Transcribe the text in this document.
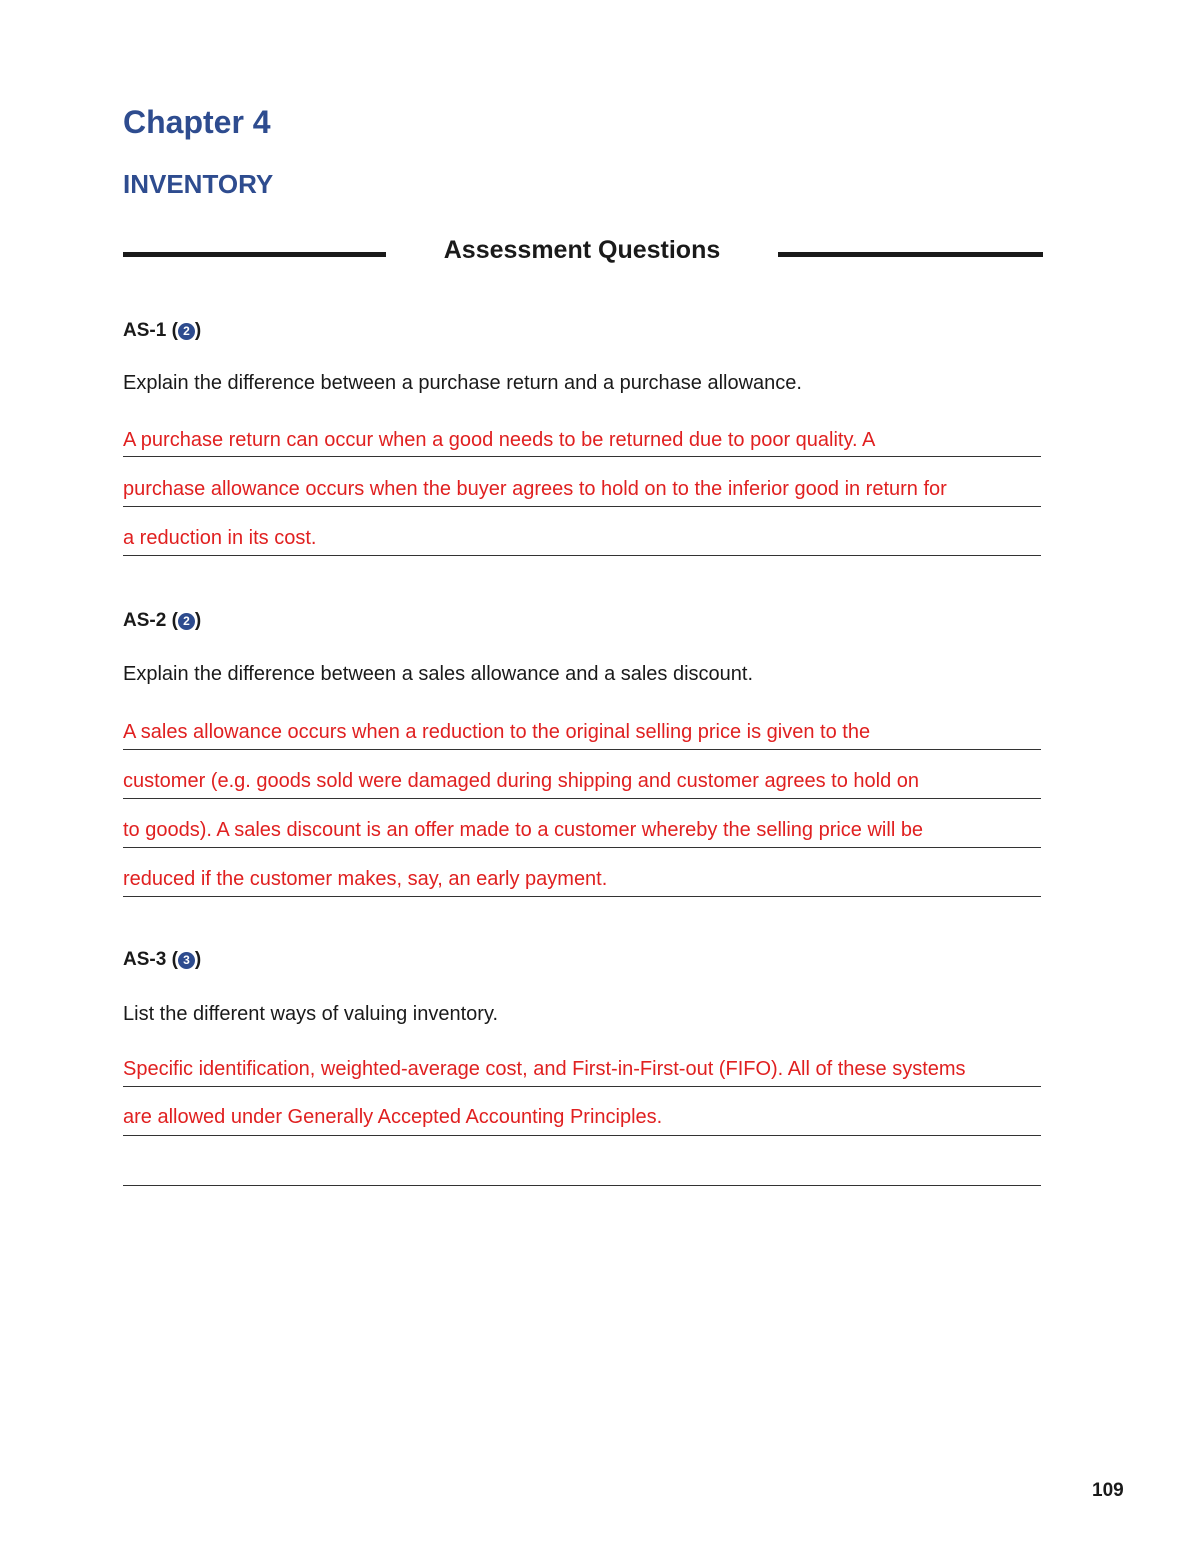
Chapter 4
INVENTORY
Assessment Questions
AS-1 ( 2 )
Explain the difference between a purchase return and a purchase allowance.
A purchase return can occur when a good needs to be returned due to poor quality. A
purchase allowance occurs when the buyer agrees to hold on to the inferior good in return for
a reduction in its cost.
AS-2 ( 2 )
Explain the difference between a sales allowance and a sales discount.
A sales allowance occurs when a reduction to the original selling price is given to the
customer (e.g. goods sold were damaged during shipping and customer agrees to hold on
to goods). A sales discount is an offer made to a customer whereby the selling price will be
reduced if the customer makes, say, an early payment.
AS-3 ( 3 )
List the different ways of valuing inventory.
Specific identification, weighted-average cost, and First-in-First-out (FIFO). All of these systems
are allowed under Generally Accepted Accounting Principles.
109
